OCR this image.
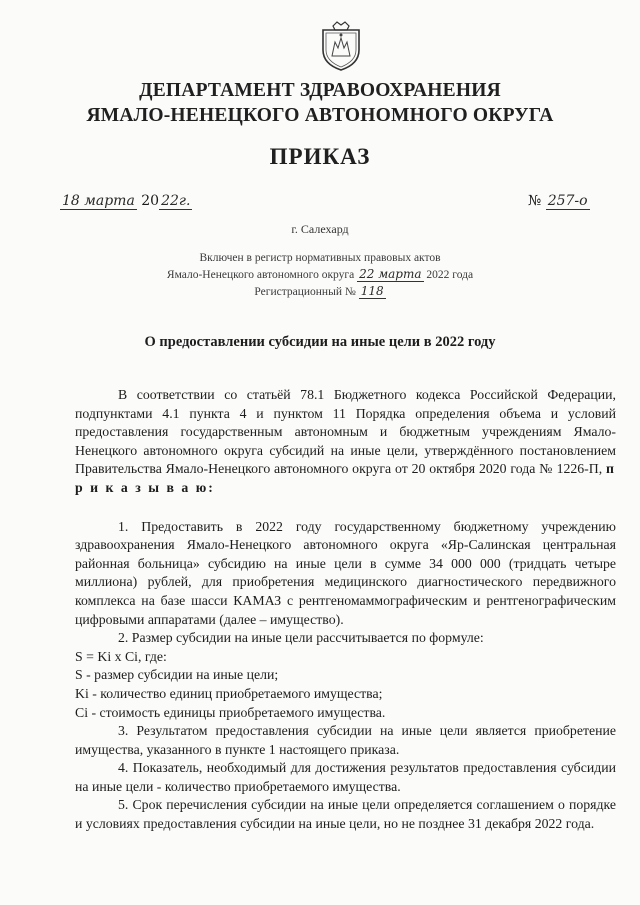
ДЕПАРТАМЕНТ ЗДРАВООХРАНЕНИЯ
ЯМАЛО-НЕНЕЦКОГО АВТОНОМНОГО ОКРУГА
ПРИКАЗ
18 марта 20 22г.	№ 257-о
г. Салехард
Включен в регистр нормативных правовых актов
Ямало-Ненецкого автономного округа 22 марта 2022 года
Регистрационный № 118
О предоставлении субсидии на иные цели в 2022 году

В соответствии со статьёй 78.1 Бюджетного кодекса Российской Федерации, подпунктами 4.1 пункта 4 и пунктом 11 Порядка определения объема и условий предоставления государственным автономным и бюджетным учреждениям Ямало-Ненецкого автономного округа субсидий на иные цели, утверждённого постановлением Правительства Ямало-Ненецкого автономного округа от 20 октября 2020 года № 1226-П, п р и к а з ы в а ю:

1. Предоставить в 2022 году государственному бюджетному учреждению здравоохранения Ямало-Ненецкого автономного округа «Яр-Салинская центральная районная больница» субсидию на иные цели в сумме 34 000 000 (тридцать четыре миллиона) рублей, для приобретения медицинского диагностического передвижного комплекса на базе шасси КАМАЗ с рентгеномаммографическим и рентгенографическим цифровыми аппаратами (далее – имущество).

2. Размер субсидии на иные цели рассчитывается по формуле:

S = Ki x Ci, где:

S - размер субсидии на иные цели;

Ki - количество единиц приобретаемого имущества;

Ci - стоимость единицы приобретаемого имущества.

3. Результатом предоставления субсидии на иные цели является приобретение имущества, указанного в пункте 1 настоящего приказа.

4. Показатель, необходимый для достижения результатов предоставления субсидии на иные цели - количество приобретаемого имущества.

5. Срок перечисления субсидии на иные цели определяется соглашением о порядке и условиях предоставления субсидии на иные цели, но не позднее 31 декабря 2022 года.
